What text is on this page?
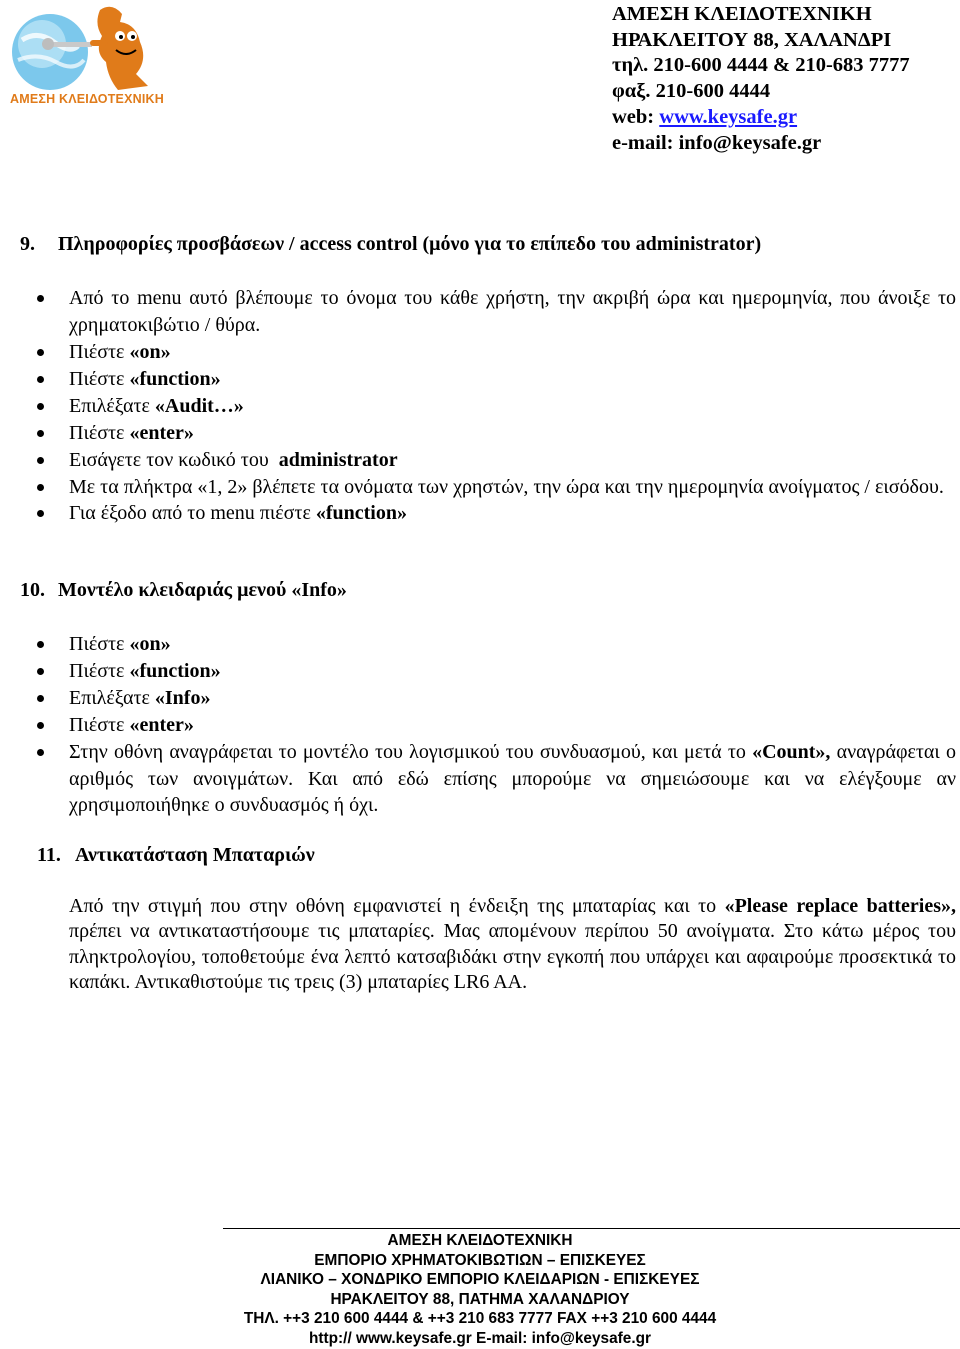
ΑΜΕΣΗ ΚΛΕΙΔΟΤΕΧΝΙΚΗ
ΑΜΕΣΗ ΚΛΕΙΔΟΤΕΧΝΙΚΗ
ΗΡΑΚΛΕΙΤΟΥ 88, ΧΑΛΑΝΔΡΙ
τηλ. 210-600 4444 & 210-683 7777
φαξ. 210-600 4444
web: www.keysafe.gr
e-mail: info@keysafe.gr
9. Πληροφορίες προσβάσεων / access control (μόνο για το επίπεδο του administrator)
Από το menu αυτό βλέπουμε το όνομα του κάθε χρήστη, την ακριβή ώρα και ημερομηνία, που άνοιξε το χρηματοκιβώτιο / θύρα.
Πιέστε «on»
Πιέστε «function»
Επιλέξατε «Audit…»
Πιέστε «enter»
Εισάγετε τον κωδικό του  administrator
Με τα πλήκτρα «1, 2» βλέπετε τα ονόματα των χρηστών, την ώρα και την ημερομηνία ανοίγματος / εισόδου.
Για έξοδο από το menu πιέστε «function»
10. Μοντέλο κλειδαριάς μενού «Info»
Πιέστε «on»
Πιέστε «function»
Επιλέξατε «Info»
Πιέστε «enter»
Στην οθόνη αναγράφεται το μοντέλο του λογισμικού του συνδυασμού, και μετά το «Count», αναγράφεται ο αριθμός των ανοιγμάτων. Και από εδώ επίσης μπορούμε να σημειώσουμε και να ελέγξουμε αν χρησιμοποιήθηκε ο συνδυασμός ή όχι.
11. Αντικατάσταση Μπαταριών
Από την στιγμή που στην οθόνη εμφανιστεί η ένδειξη της μπαταρίας και το «Please replace batteries», πρέπει να αντικαταστήσουμε τις μπαταρίες. Μας απομένουν περίπου 50 ανοίγματα. Στο κάτω μέρος του πληκτρολογίου, τοποθετούμε ένα λεπτό κατσαβιδάκι στην εγκοπή που υπάρχει και αφαιρούμε προσεκτικά το καπάκι. Αντικαθιστούμε τις τρεις (3) μπαταρίες LR6 AA.
ΑΜΕΣΗ ΚΛΕΙΔΟΤΕΧΝΙΚΗ
ΕΜΠΟΡΙΟ ΧΡΗΜΑΤΟΚΙΒΩΤΙΩΝ – ΕΠΙΣΚΕΥΕΣ
ΛΙΑΝΙΚΟ – ΧΟΝΔΡΙΚΟ ΕΜΠΟΡΙΟ ΚΛΕΙΔΑΡΙΩΝ - ΕΠΙΣΚΕΥΕΣ
ΗΡΑΚΛΕΙΤΟΥ 88, ΠΑΤΗΜΑ ΧΑΛΑΝΔΡΙΟΥ
ΤΗΛ. ++3 210 600 4444 & ++3 210 683 7777 FAX ++3 210 600 4444
http:// www.keysafe.gr E-mail: info@keysafe.gr
